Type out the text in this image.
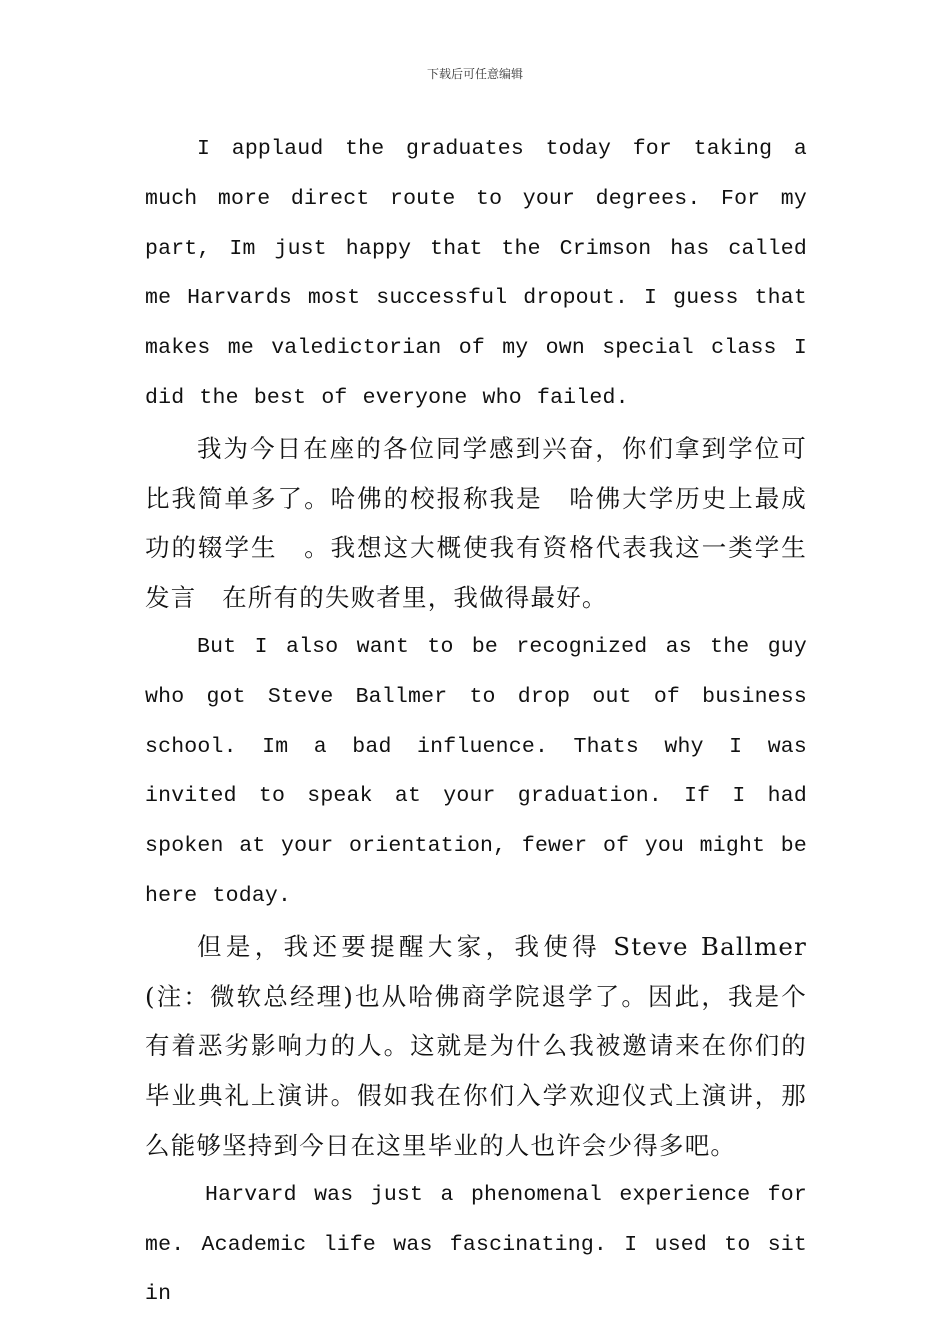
下载后可任意编辑

I applaud the graduates today for taking a much more direct route to your degrees. For my part, Im just happy that the Crimson has called me Harvards most successful dropout. I guess that makes me valedictorian of my own special class I did the best of everyone who failed.

我为今日在座的各位同学感到兴奋，你们拿到学位可比我简单多了。哈佛的校报称我是　哈佛大学历史上最成功的辍学生　。我想这大概使我有资格代表我这一类学生发言　在所有的失败者里，我做得最好。

But I also want to be recognized as the guy who got Steve Ballmer to drop out of business school. Im a bad influence. Thats why I was invited to speak at your graduation. If I had spoken at your orientation, fewer of you might be here today.

但是，我还要提醒大家，我使得 Steve Ballmer (注：微软总经理)也从哈佛商学院退学了。因此，我是个有着恶劣影响力的人。这就是为什么我被邀请来在你们的毕业典礼上演讲。假如我在你们入学欢迎仪式上演讲，那么能够坚持到今日在这里毕业的人也许会少得多吧。

Harvard was just a phenomenal experience for me. Academic life was fascinating. I used to sit in
